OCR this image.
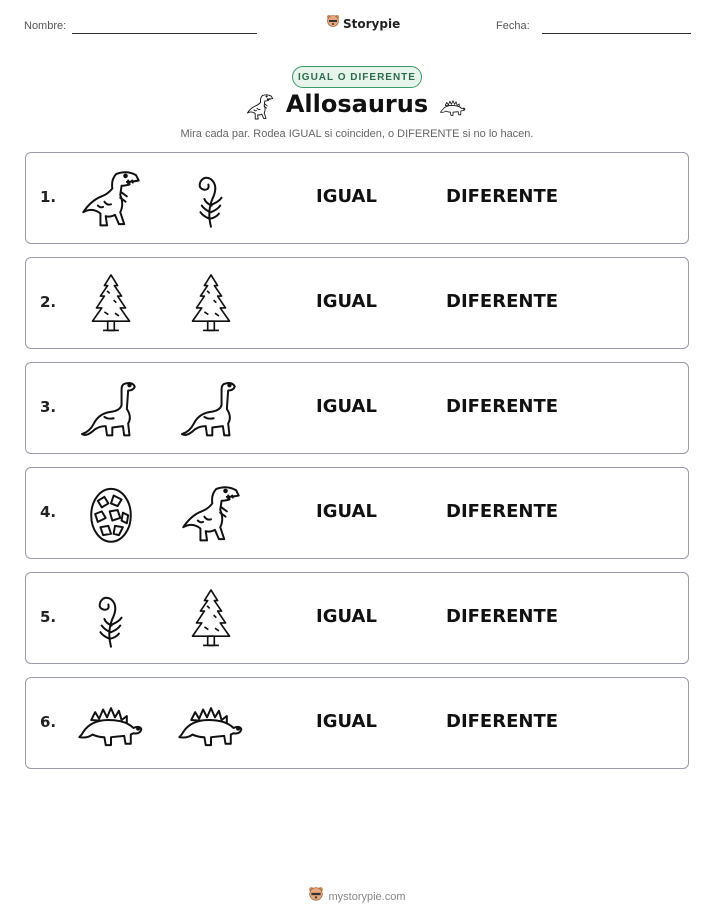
Nombre:	Storypie	Fecha:
IGUAL O DIFERENTE
Allosaurus
Mira cada par. Rodea IGUAL si coinciden, o DIFERENTE si no lo hacen.
1.	IGUAL	DIFERENTE
2.	IGUAL	DIFERENTE
3.	IGUAL	DIFERENTE
4.	IGUAL	DIFERENTE
5.	IGUAL	DIFERENTE
6.	IGUAL	DIFERENTE
mystorypie.com
